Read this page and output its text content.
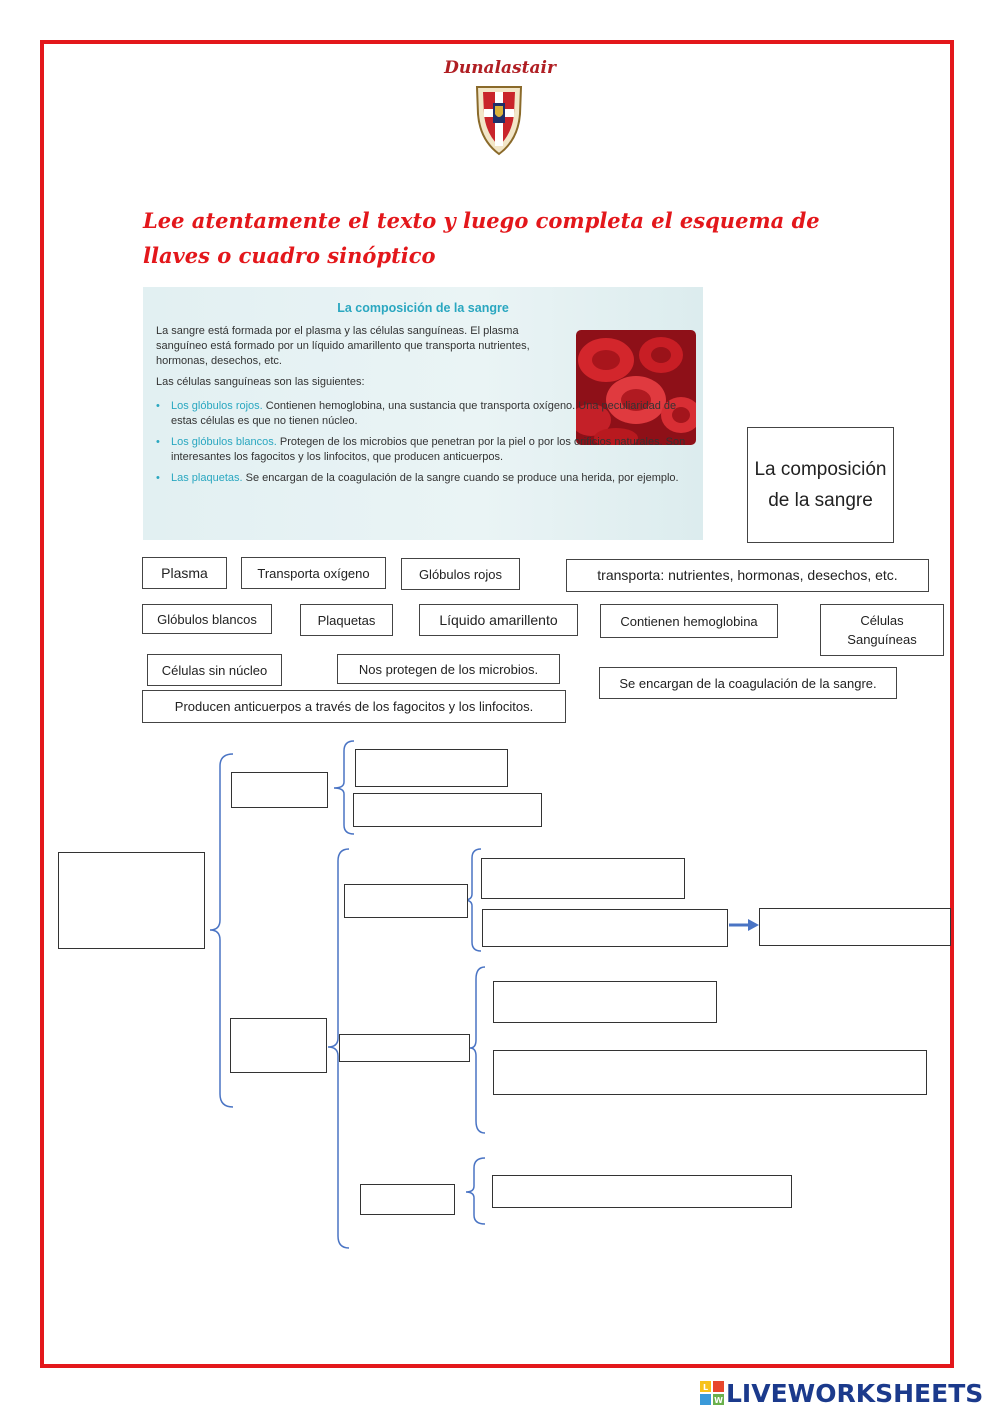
Dunalastair
Lee atentamente el texto y luego completa el esquema de llaves o cuadro sinóptico
La composición de la sangre

La sangre está formada por el plasma y las células sanguíneas. El plasma sanguíneo está formado por un líquido amarillento que transporta nutrientes, hormonas, desechos, etc.

Las células sanguíneas son las siguientes:

• Los glóbulos rojos. Contienen hemoglobina, una sustancia que transporta oxígeno. Una peculiaridad de estas células es que no tienen núcleo.
• Los glóbulos blancos. Protegen de los microbios que penetran por la piel o por los orificios naturales. Son interesantes los fagocitos y los linfocitos, que producen anticuerpos.
• Las plaquetas. Se encargan de la coagulación de la sangre cuando se produce una herida, por ejemplo.	La composición de la sangre
Plasma	Transporta oxígeno	Glóbulos rojos	transporta: nutrientes, hormonas, desechos, etc.
Glóbulos blancos	Plaquetas	Líquido amarillento	Contienen hemoglobina	Células Sanguíneas
Células sin núcleo	Nos protegen de los microbios.
Se encargan de la coagulación de la sangre.
Producen anticuerpos a través de los fagocitos y los linfocitos.
L
W LIVEWORKSHEETS
